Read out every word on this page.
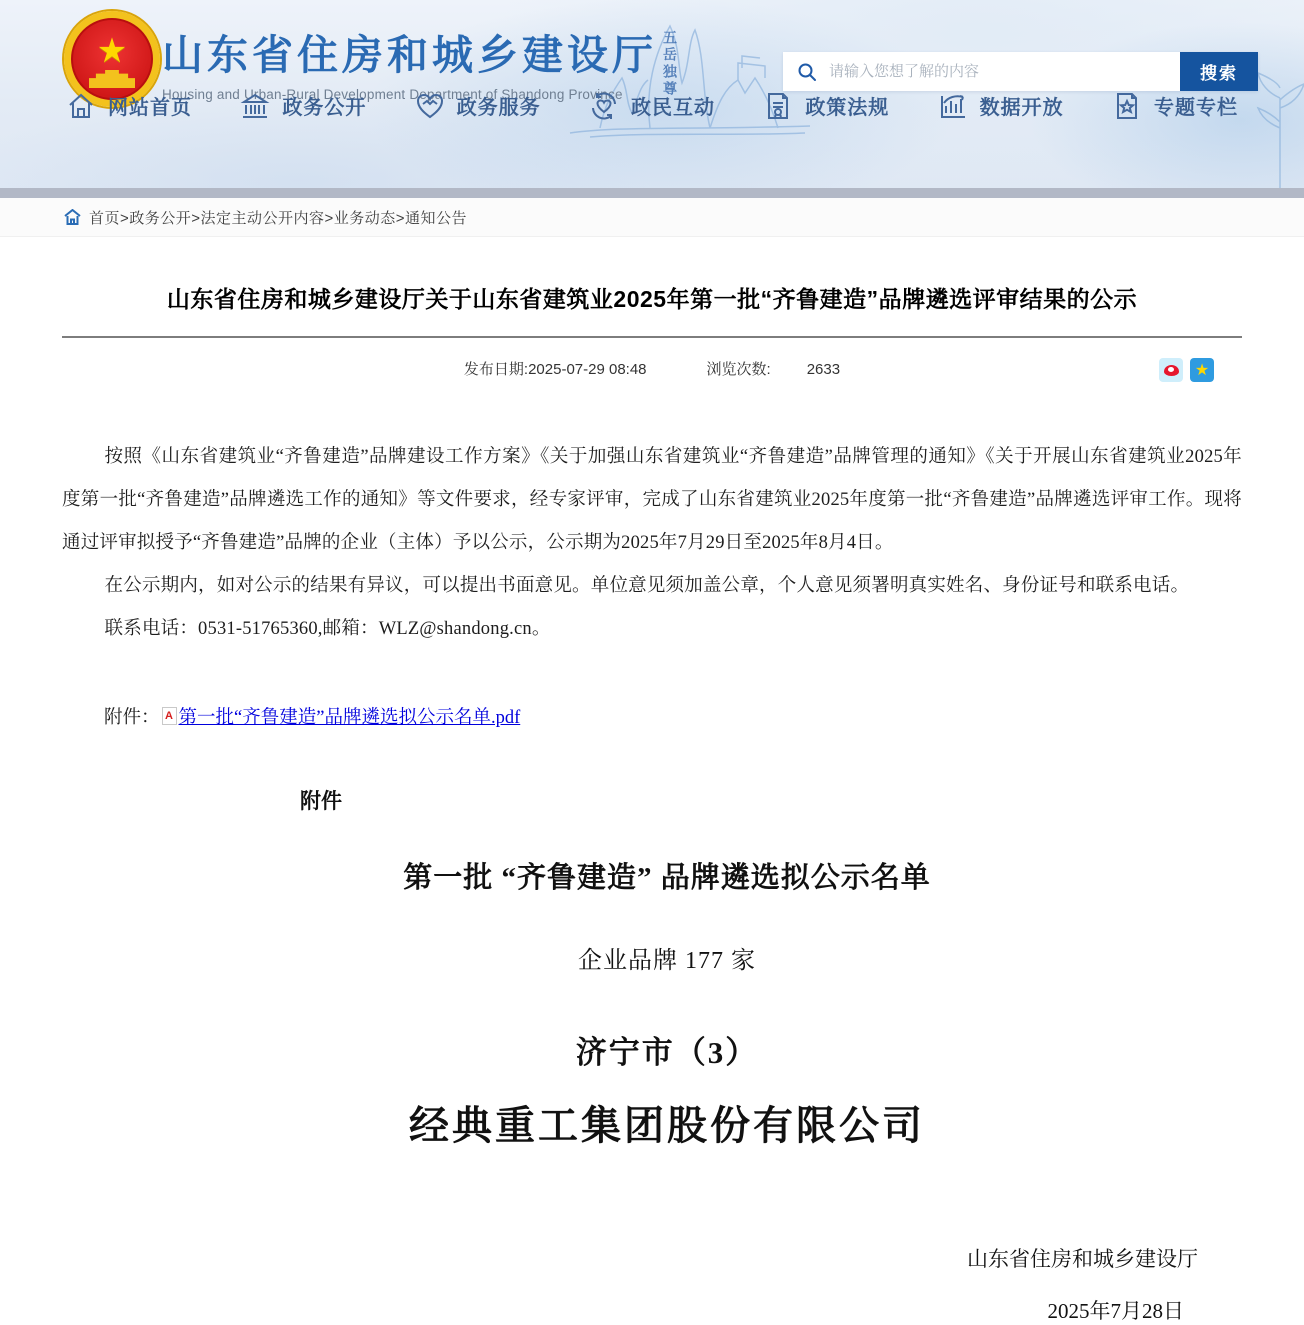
五岳独尊
★ 山东省住房和城乡建设厅
Housing and Urban-Rural Development Department of Shandong Province
请输入您想了解的内容
搜索
网站首页	政务公开	政务服务	政民互动	政策法规	数据开放	专题专栏
首页>政务公开>法定主动公开内容>业务动态>通知公告
山东省住房和城乡建设厅关于山东省建筑业2025年第一批“齐鲁建造”品牌遴选评审结果的公示
发布日期:2025-07-29 08:48	浏览次数: 2633	★

按照《山东省建筑业“齐鲁建造”品牌建设工作方案》《关于加强山东省建筑业“齐鲁建造”品牌管理的通知》《关于开展山东省建筑业2025年度第一批“齐鲁建造”品牌遴选工作的通知》等文件要求，经专家评审，完成了山东省建筑业2025年度第一批“齐鲁建造”品牌遴选评审工作。现将通过评审拟授予“齐鲁建造”品牌的企业（主体）予以公示，公示期为2025年7月29日至2025年8月4日。

在公示期内，如对公示的结果有异议，可以提出书面意见。单位意见须加盖公章，个人意见须署明真实姓名、身份证号和联系电话。

联系电话：0531-51765360,邮箱：WLZ@shandong.cn。

附件： A 第一批“齐鲁建造”品牌遴选拟公示名单.pdf
附件
第一批 “齐鲁建造” 品牌遴选拟公示名单
企业品牌 177 家
济宁市（3）
经典重工集团股份有限公司
山东省住房和城乡建设厅
2025年7月28日
